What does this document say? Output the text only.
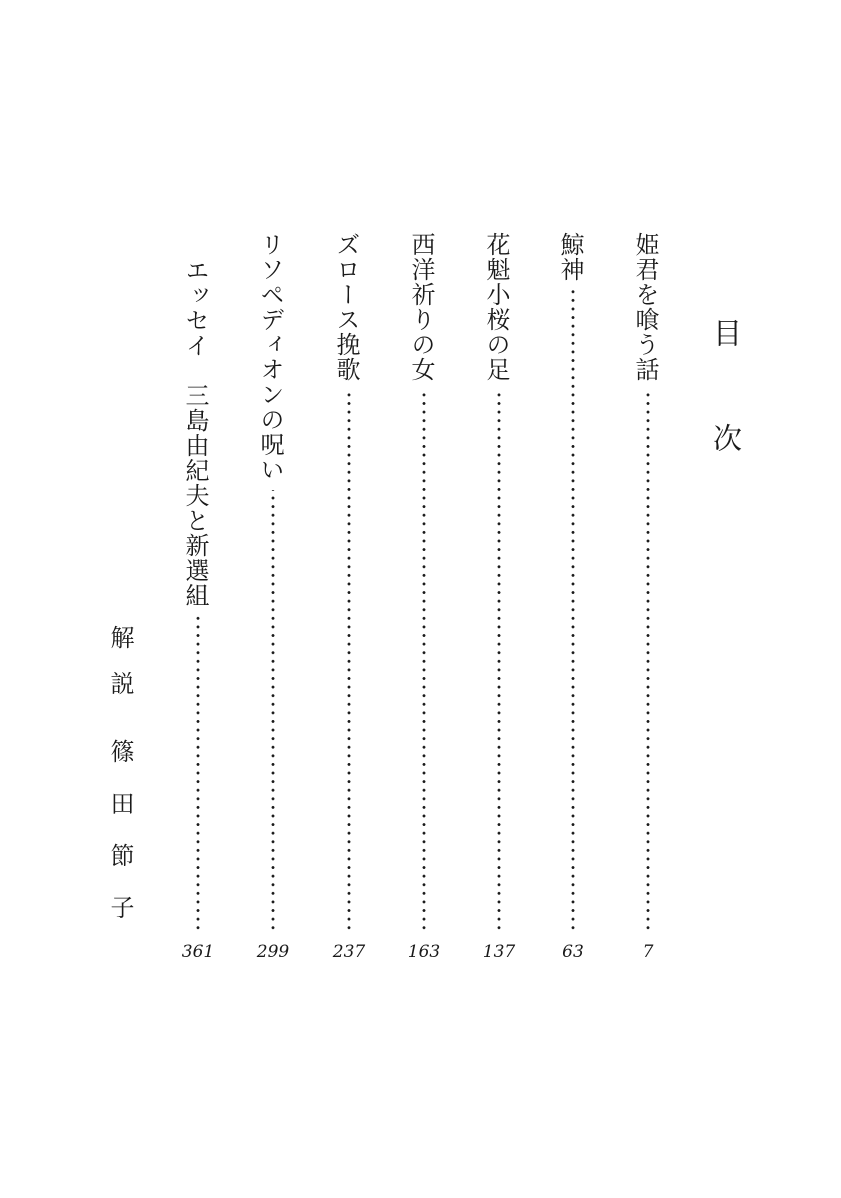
目次
姫君を喰う話
鯨神
花魁小桜の足
西洋祈りの女
ズロース挽歌
リソペディオンの呪い
エッセイ　三島由紀夫と新選組
7
63
137
163
237
299
361
解説篠田節子
